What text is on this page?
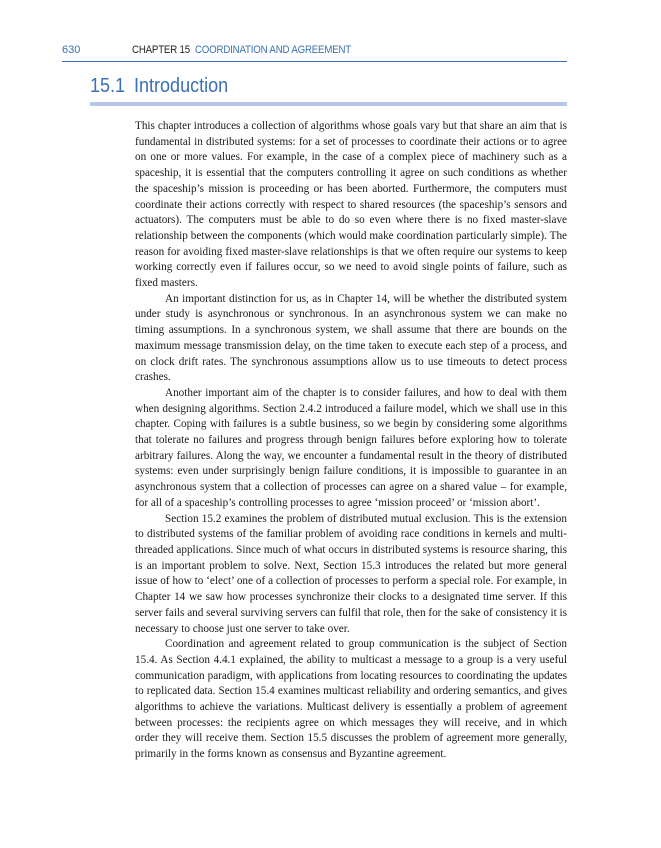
630	CHAPTER 15 COORDINATION AND AGREEMENT
15.1 Introduction

This chapter introduces a collection of algorithms whose goals vary but that share an aim that is fundamental in distributed systems: for a set of processes to coordinate their actions or to agree on one or more values. For example, in the case of a complex piece of machinery such as a spaceship, it is essential that the computers controlling it agree on such conditions as whether the spaceship’s mission is proceeding or has been aborted. Furthermore, the computers must coordinate their actions correctly with respect to shared resources (the spaceship’s sensors and actuators). The computers must be able to do so even where there is no fixed master-slave relationship between the components (which would make coordination particularly simple). The reason for avoiding fixed master-slave relationships is that we often require our systems to keep working correctly even if failures occur, so we need to avoid single points of failure, such as fixed masters.

An important distinction for us, as in Chapter 14, will be whether the distributed system under study is asynchronous or synchronous. In an asynchronous system we can make no timing assumptions. In a synchronous system, we shall assume that there are bounds on the maximum message transmission delay, on the time taken to execute each step of a process, and on clock drift rates. The synchronous assumptions allow us to use timeouts to detect process crashes.

Another important aim of the chapter is to consider failures, and how to deal with them when designing algorithms. Section 2.4.2 introduced a failure model, which we shall use in this chapter. Coping with failures is a subtle business, so we begin by considering some algorithms that tolerate no failures and progress through benign failures before exploring how to tolerate arbitrary failures. Along the way, we encounter a fundamental result in the theory of distributed systems: even under surprisingly benign failure conditions, it is impossible to guarantee in an asynchronous system that a collection of processes can agree on a shared value – for example, for all of a spaceship’s controlling processes to agree ‘mission proceed’ or ‘mission abort’.

Section 15.2 examines the problem of distributed mutual exclusion. This is the extension to distributed systems of the familiar problem of avoiding race conditions in kernels and multi-threaded applications. Since much of what occurs in distributed systems is resource sharing, this is an important problem to solve. Next, Section 15.3 introduces the related but more general issue of how to ‘elect’ one of a collection of processes to perform a special role. For example, in Chapter 14 we saw how processes synchronize their clocks to a designated time server. If this server fails and several surviving servers can fulfil that role, then for the sake of consistency it is necessary to choose just one server to take over.

Coordination and agreement related to group communication is the subject of Section 15.4. As Section 4.4.1 explained, the ability to multicast a message to a group is a very useful communication paradigm, with applications from locating resources to coordinating the updates to replicated data. Section 15.4 examines multicast reliability and ordering semantics, and gives algorithms to achieve the variations. Multicast delivery is essentially a problem of agreement between processes: the recipients agree on which messages they will receive, and in which order they will receive them. Section 15.5 discusses the problem of agreement more generally, primarily in the forms known as consensus and Byzantine agreement.
